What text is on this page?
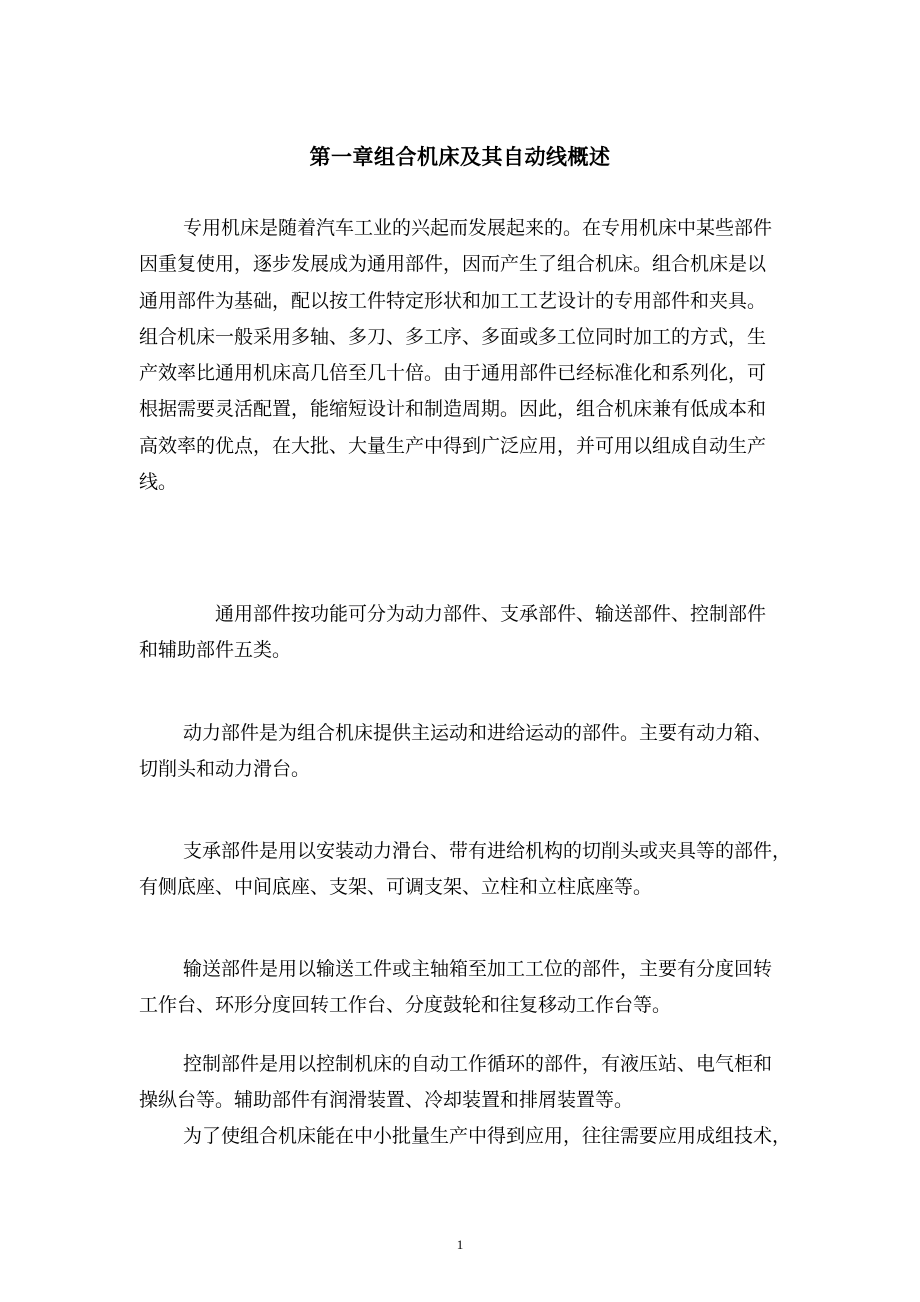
第一章组合机床及其自动线概述
专用机床是随着汽车工业的兴起而发展起来的。在专用机床中某些部件
因重复使用，逐步发展成为通用部件，因而产生了组合机床。组合机床是以
通用部件为基础，配以按工件特定形状和加工工艺设计的专用部件和夹具。
组合机床一般采用多轴、多刀、多工序、多面或多工位同时加工的方式，生
产效率比通用机床高几倍至几十倍。由于通用部件已经标准化和系列化，可
根据需要灵活配置，能缩短设计和制造周期。因此，组合机床兼有低成本和
高效率的优点，在大批、大量生产中得到广泛应用，并可用以组成自动生产
线。
通用部件按功能可分为动力部件、支承部件、输送部件、控制部件
和辅助部件五类。
动力部件是为组合机床提供主运动和进给运动的部件。主要有动力箱、
切削头和动力滑台。
支承部件是用以安装动力滑台、带有进给机构的切削头或夹具等的部件，
有侧底座、中间底座、支架、可调支架、立柱和立柱底座等。
输送部件是用以输送工件或主轴箱至加工工位的部件，主要有分度回转
工作台、环形分度回转工作台、分度鼓轮和往复移动工作台等。
控制部件是用以控制机床的自动工作循环的部件，有液压站、电气柜和
操纵台等。辅助部件有润滑装置、冷却装置和排屑装置等。
为了使组合机床能在中小批量生产中得到应用，往往需要应用成组技术，
1
